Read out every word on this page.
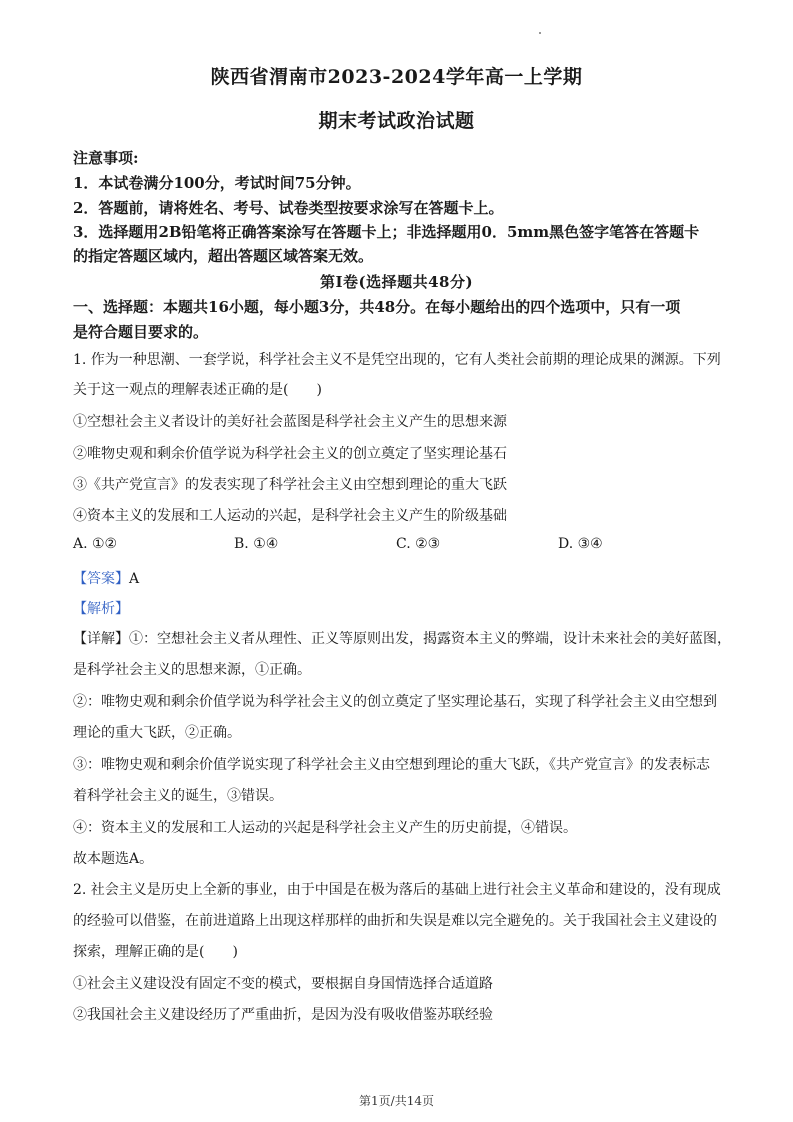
陕西省渭南市2023-2024学年高一上学期
期末考试政治试题
注意事项:
1．本试卷满分100分，考试时间75分钟。
2．答题前，请将姓名、考号、试卷类型按要求涂写在答题卡上。
3．选择题用2B铅笔将正确答案涂写在答题卡上；非选择题用0．5mm黑色签字笔答在答题卡
的指定答题区域内，超出答题区域答案无效。
第Ⅰ卷(选择题共48分)
一、选择题：本题共16小题，每小题3分，共48分。在每小题给出的四个选项中，只有一项
是符合题目要求的。
1. 作为一种思潮、一套学说，科学社会主义不是凭空出现的，它有人类社会前期的理论成果的渊源。下列
关于这一观点的理解表述正确的是(　　)
①空想社会主义者设计的美好社会蓝图是科学社会主义产生的思想来源
②唯物史观和剩余价值学说为科学社会主义的创立奠定了坚实理论基石
③《共产党宣言》的发表实现了科学社会主义由空想到理论的重大飞跃
④资本主义的发展和工人运动的兴起，是科学社会主义产生的阶级基础
A. ①②	B. ①④	C. ②③	D. ③④
【答案】A
【解析】
【详解】①：空想社会主义者从理性、正义等原则出发，揭露资本主义的弊端，设计未来社会的美好蓝图，
是科学社会主义的思想来源，①正确。
②：唯物史观和剩余价值学说为科学社会主义的创立奠定了坚实理论基石，实现了科学社会主义由空想到
理论的重大飞跃，②正确。
③：唯物史观和剩余价值学说实现了科学社会主义由空想到理论的重大飞跃，《共产党宣言》的发表标志
着科学社会主义的诞生，③错误。
④：资本主义的发展和工人运动的兴起是科学社会主义产生的历史前提，④错误。
故本题选A。
2. 社会主义是历史上全新的事业，由于中国是在极为落后的基础上进行社会主义革命和建设的，没有现成
的经验可以借鉴，在前进道路上出现这样那样的曲折和失误是难以完全避免的。关于我国社会主义建设的
探索，理解正确的是(　　)
①社会主义建设没有固定不变的模式，要根据自身国情选择合适道路
②我国社会主义建设经历了严重曲折，是因为没有吸收借鉴苏联经验
第1页/共14页
